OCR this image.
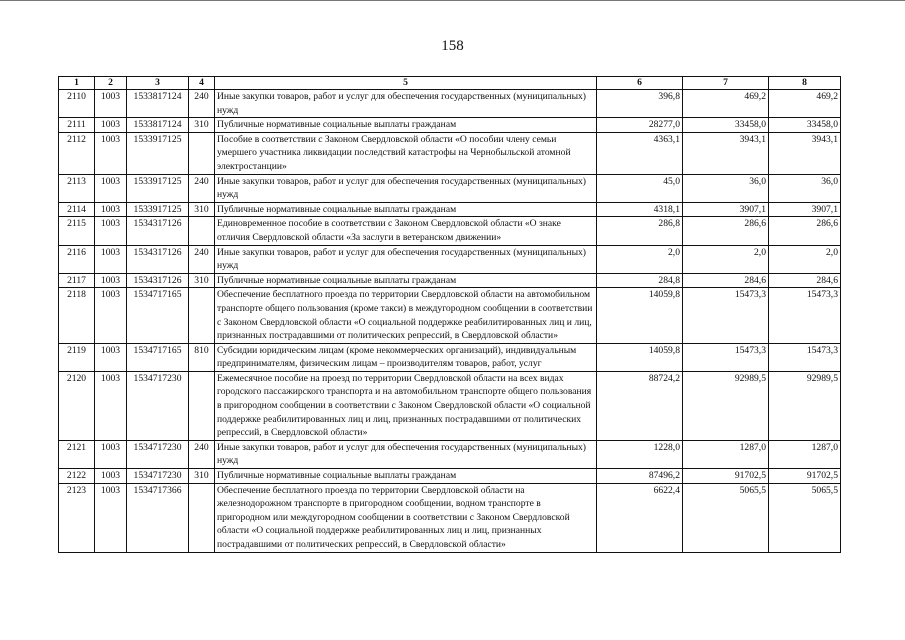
158
1	2	3	4	5	6	7	8
2110	1003	1533817124	240	Иные закупки товаров, работ и услуг для обеспечения государственных (муниципальных) нужд	396,8	469,2	469,2
2111	1003	1533817124	310	Публичные нормативные социальные выплаты гражданам	28277,0	33458,0	33458,0
2112	1003	1533917125		Пособие в соответствии с Законом Свердловской области «О пособии члену семьи умершего участника ликвидации последствий катастрофы на Чернобыльской атомной электростанции»	4363,1	3943,1	3943,1
2113	1003	1533917125	240	Иные закупки товаров, работ и услуг для обеспечения государственных (муниципальных) нужд	45,0	36,0	36,0
2114	1003	1533917125	310	Публичные нормативные социальные выплаты гражданам	4318,1	3907,1	3907,1
2115	1003	1534317126		Единовременное пособие в соответствии с Законом Свердловской области «О знаке отличия Свердловской области «За заслуги в ветеранском движении»	286,8	286,6	286,6
2116	1003	1534317126	240	Иные закупки товаров, работ и услуг для обеспечения государственных (муниципальных) нужд	2,0	2,0	2,0
2117	1003	1534317126	310	Публичные нормативные социальные выплаты гражданам	284,8	284,6	284,6
2118	1003	1534717165		Обеспечение бесплатного проезда по территории Свердловской области на автомобильном транспорте общего пользования (кроме такси) в междугородном сообщении в соответствии с Законом Свердловской области «О социальной поддержке реабилитированных лиц и лиц, признанных пострадавшими от политических репрессий, в Свердловской области»	14059,8	15473,3	15473,3
2119	1003	1534717165	810	Субсидии юридическим лицам (кроме некоммерческих организаций), индивидуальным предпринимателям, физическим лицам – производителям товаров, работ, услуг	14059,8	15473,3	15473,3
2120	1003	1534717230		Ежемесячное пособие на проезд по территории Свердловской области на всех видах городского пассажирского транспорта и на автомобильном транспорте общего пользования в пригородном сообщении в соответствии с Законом Свердловской области «О социальной поддержке реабилитированных лиц и лиц, признанных пострадавшими от политических репрессий, в Свердловской области»	88724,2	92989,5	92989,5
2121	1003	1534717230	240	Иные закупки товаров, работ и услуг для обеспечения государственных (муниципальных) нужд	1228,0	1287,0	1287,0
2122	1003	1534717230	310	Публичные нормативные социальные выплаты гражданам	87496,2	91702,5	91702,5
2123	1003	1534717366		Обеспечение бесплатного проезда по территории Свердловской области на железнодорожном транспорте в пригородном сообщении, водном транспорте в пригородном или междугородном сообщении в соответствии с Законом Свердловской области «О социальной поддержке реабилитированных лиц и лиц, признанных пострадавшими от политических репрессий, в Свердловской области»	6622,4	5065,5	5065,5
